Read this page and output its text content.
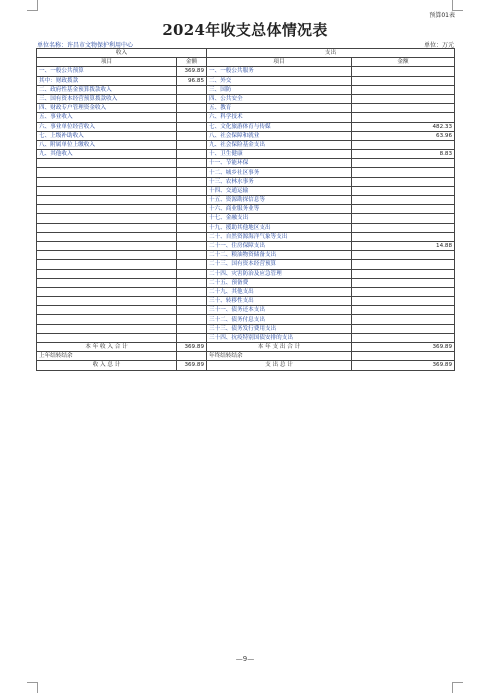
预算01表
2024年收支总体情况表
单位名称：许昌市文物保护利用中心	单位：万元
收入		支出	
项目	金额	项目	金额
一、一般公共预算	369.89	一、一般公共服务	
其中：财政拨款	96.85	二、外交	
二、政府性基金预算拨款收入		三、国防	
三、国有资本经营预算拨款收入		四、公共安全	
四、财政专户管理资金收入		五、教育	
五、事业收入		六、科学技术	
六、事业单位经营收入		七、文化旅游体育与传媒	482.33
七、上级补助收入		八、社会保障和就业	63.96
八、附属单位上缴收入		九、社会保险基金支出	
九、其他收入		十、卫生健康	8.83
		十一、节能环保	
		十二、城乡社区事务	
		十三、农林水事务	
		十四、交通运输	
		十五、资源勘探信息等	
		十六、商业服务业等	
		十七、金融支出	
		十九、援助其他地区支出	
		二十、自然资源海洋气象等支出	
		二十一、住房保障支出	14.88
		二十二、粮油物资储备支出	
		二十三、国有资本经营预算	
		二十四、灾害防治及应急管理	
		二十五、预备费	
		二十九、其他支出	
		三十、转移性支出	
		三十一、债务还本支出	
		三十二、债务付息支出	
		三十三、债务发行费用支出	
		三十四、抗疫特别国债安排的支出	
本 年 收 入 合 计	369.89	本 年 支 出 合 计	369.89
上年结转结余		年终结转结余	
收 入 总 计	369.89	支 出 总 计	369.89
—9—
